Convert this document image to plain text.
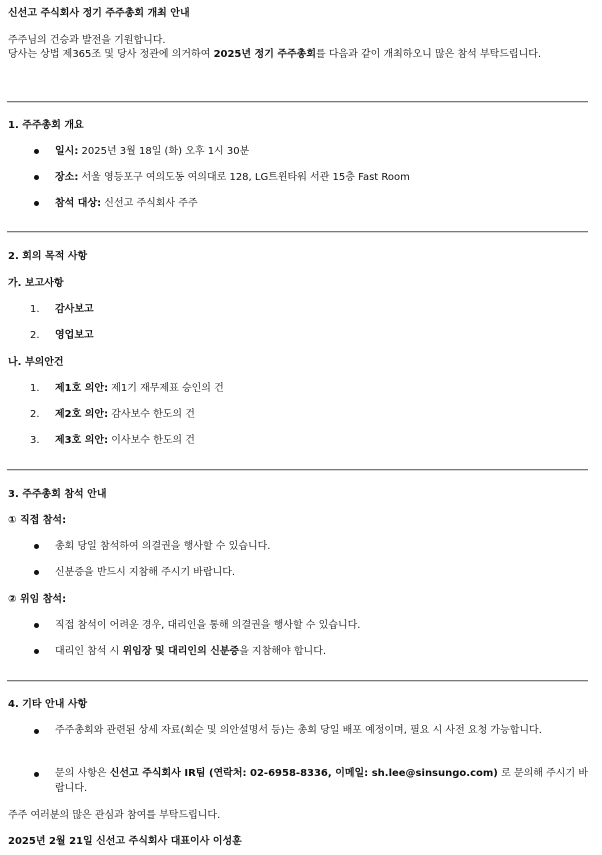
신선고 주식회사 정기 주주총회 개최 안내
주주님의 건승과 발전을 기원합니다.
당사는 상법 제365조 및 당사 정관에 의거하여 2025년 정기 주주총회를 다음과 같이 개최하오니 많은 참석 부탁드립니다.
1. 주주총회 개요
일시: 2025년 3월 18일 (화) 오후 1시 30분
장소: 서울 영등포구 여의도동 여의대로 128, LG트윈타워 서관 15층 Fast Room
참석 대상: 신선고 주식회사 주주
2. 회의 목적 사항
가. 보고사항
1. 감사보고
2. 영업보고
나. 부의안건
1. 제1호 의안: 제1기 재무제표 승인의 건
2. 제2호 의안: 감사보수 한도의 건
3. 제3호 의안: 이사보수 한도의 건
3. 주주총회 참석 안내
① 직접 참석:
총회 당일 참석하여 의결권을 행사할 수 있습니다.
신분증을 반드시 지참해 주시기 바랍니다.
② 위임 참석:
직접 참석이 어려운 경우, 대리인을 통해 의결권을 행사할 수 있습니다.
대리인 참석 시 위임장 및 대리인의 신분증을 지참해야 합니다.
4. 기타 안내 사항
주주총회와 관련된 상세 자료(회순 및 의안설명서 등)는 총회 당일 배포 예정이며, 필요 시 사전 요청 가능합니다.
문의 사항은 신선고 주식회사 IR팀 (연락처: 02-6958-8336, 이메일: sh.lee@sinsungo.com) 로 문의해 주시기 바랍니다.
주주 여러분의 많은 관심과 참여를 부탁드립니다.
2025년 2월 21일 신선고 주식회사 대표이사 이성훈
